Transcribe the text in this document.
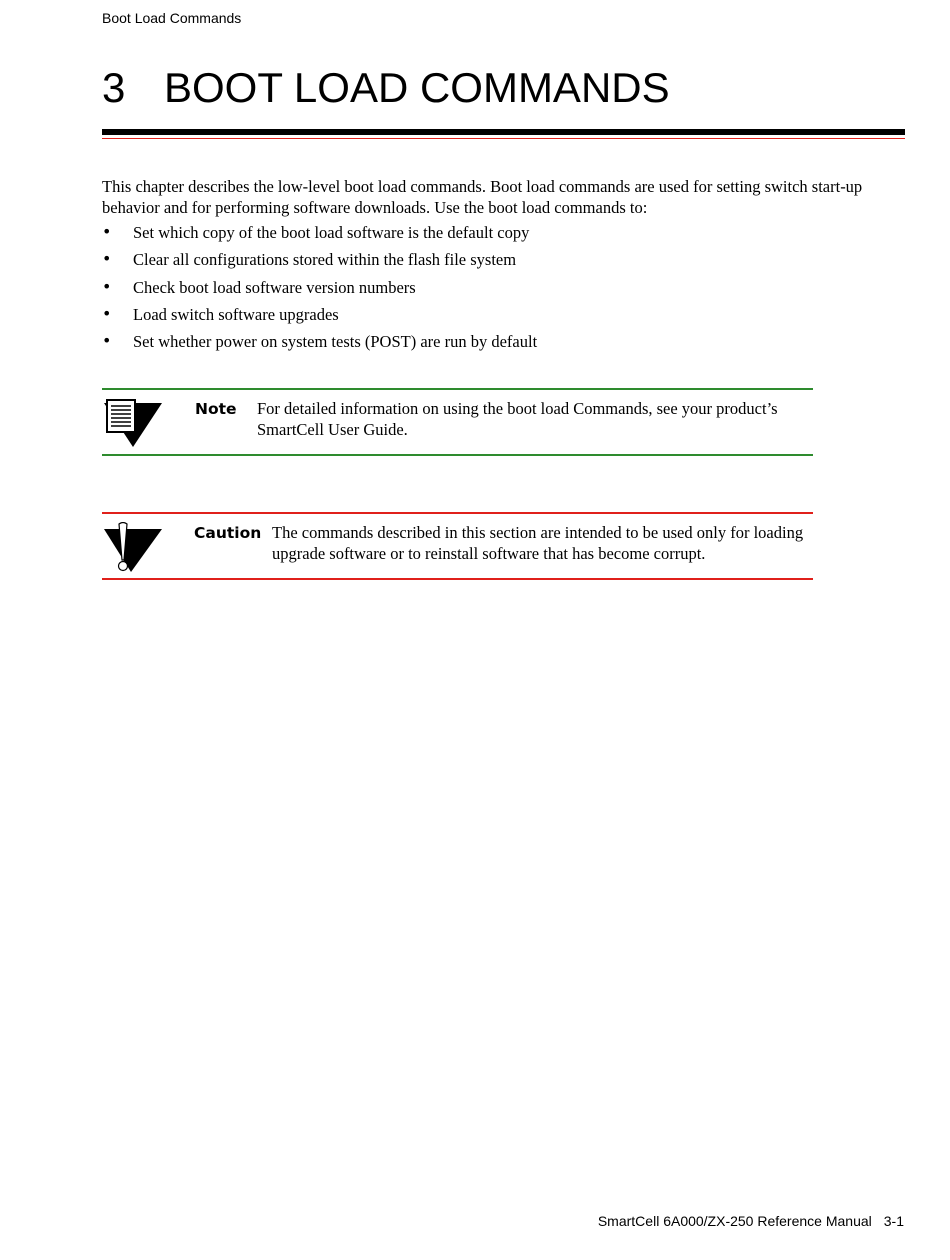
Boot Load Commands
3 BOOT LOAD COMMANDS

This chapter describes the low-level boot load commands. Boot load commands are used for setting switch start-up behavior and for performing software downloads. Use the boot load commands to:

• Set which copy of the boot load software is the default copy
• Clear all configurations stored within the flash file system
• Check boot load software version numbers
• Load switch software upgrades
• Set whether power on system tests (POST) are run by default
Note For detailed information on using the boot load Commands, see your product’s SmartCell User Guide.
Caution The commands described in this section are intended to be used only for loading upgrade software or to reinstall software that has become corrupt.
SmartCell 6A000/ZX-250 Reference Manual 3-1
